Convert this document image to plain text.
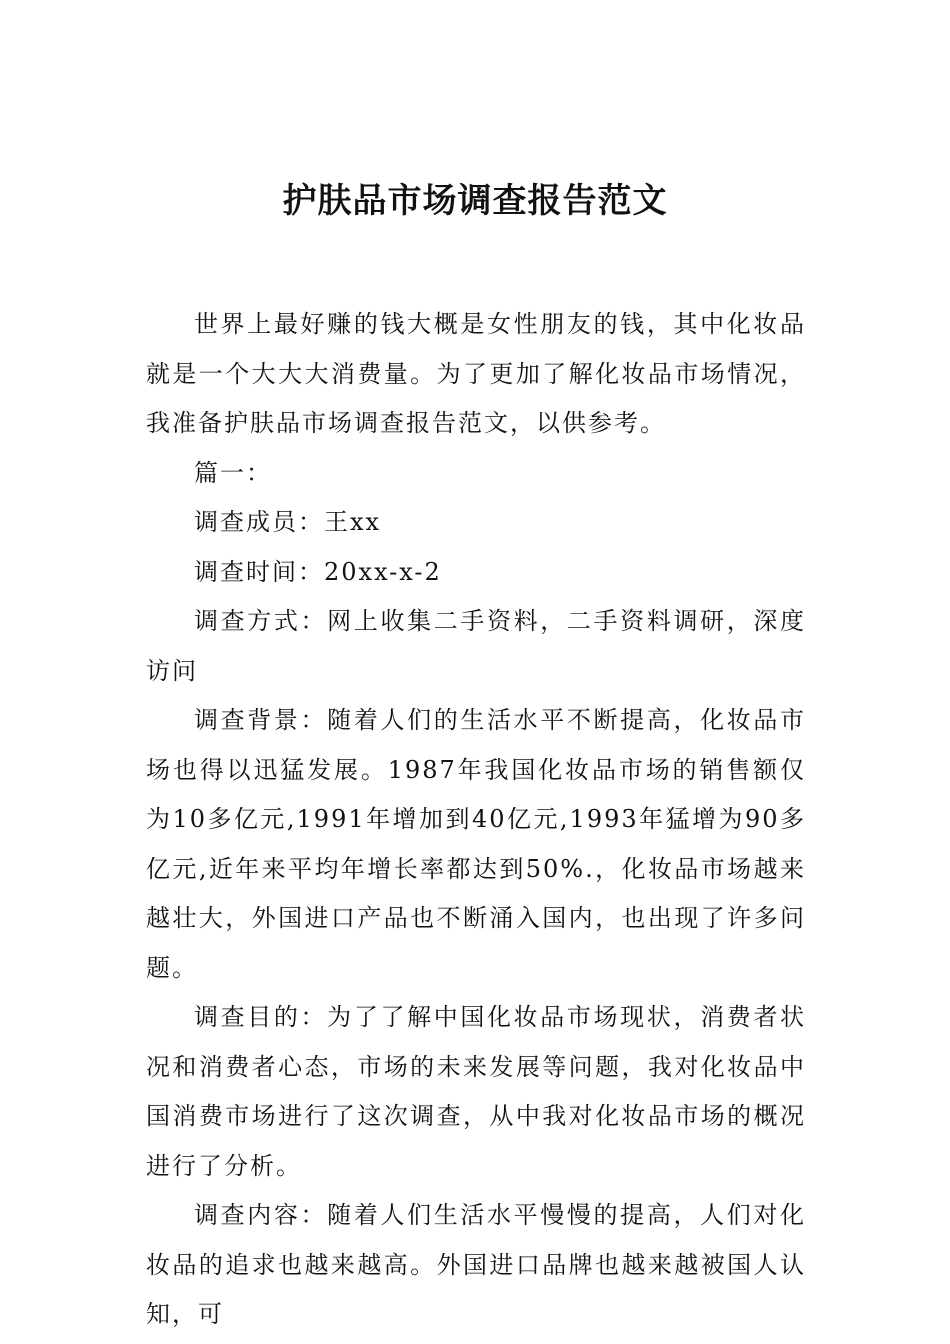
护肤品市场调查报告范文

世界上最好赚的钱大概是女性朋友的钱，其中化妆品就是一个大大大消费量。为了更加了解化妆品市场情况，我准备护肤品市场调查报告范文，以供参考。

篇一：

调查成员：王xx

调查时间：20xx-x-2

调查方式：网上收集二手资料，二手资料调研，深度访问

调查背景：随着人们的生活水平不断提高，化妆品市场也得以迅猛发展。1987年我国化妆品市场的销售额仅为10多亿元,1991年增加到40亿元,1993年猛增为90多亿元,近年来平均年增长率都达到50%.，化妆品市场越来越壮大，外国进口产品也不断涌入国内，也出现了许多问题。

调查目的：为了了解中国化妆品市场现状，消费者状况和消费者心态，市场的未来发展等问题，我对化妆品中国消费市场进行了这次调查，从中我对化妆品市场的概况进行了分析。

调查内容：随着人们生活水平慢慢的提高，人们对化妆品的追求也越来越高。外国进口品牌也越来越被国人认知，可
